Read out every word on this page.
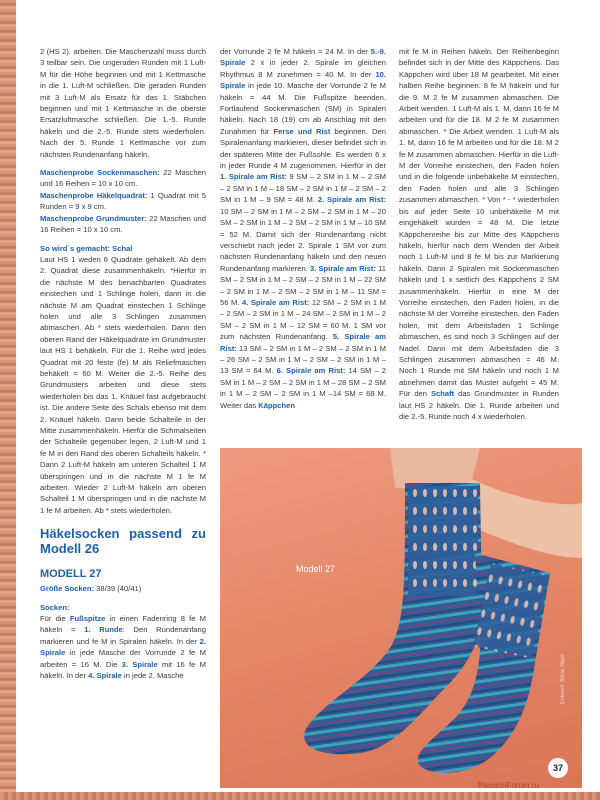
2 (HS 2). arbeiten. Die Maschenzahl muss durch 3 teilbar sein. Die ungeraden Runden mit 1 Luft-M für die Höhe beginnen und mit 1 Kettmasche in die 1. Luft-M schließen. Die geraden Runden mit 3 Luft-M als Ersatz für das 1. Stäbchen beginnen und mit 1 Kettmasche in die oberste Ersatzluftmasche schließen. Die 1.-5. Runde häkeln und die 2.-5. Runde stets wiederholen. Nach der 5. Runde 1 Kettmasche vor zum nächsten Rundenanfang häkeln.

Maschenprobe Sockenmaschen: 22 Maschen und 16 Reihen = 10 x 10 cm.

Maschenprobe Häkelquadrat: 1 Quadrat mit 5 Runden = 9 x 9 cm.

Maschenprobe Grundmuster: 22 Maschen und 16 Reihen = 10 x 10 cm.

So wird`s gemacht: Schal
Laut HS 1 weden 6 Quadrate gehäkelt. Ab dem 2. Quadrat diese zusammenhäkeln. *Hierfür in die nächste M des benachbarten Quadrates einstechen und 1 Schlinge holen, dann in die nächste M am Quadrat einstechen 1 Schlinge holen und alle 3 Schlingen zusammen abmaschen. Ab * stets wiederholen. Dann den oberen Rand der Häkelquadrate im Grundmuster laut HS 1 behäkeln. Für die 1. Reihe wird jedes Quadrat mit 20 feste (fe) M als Reliefmaschen behäkelt = 60 M. Weiter die 2.-5. Reihe des Grundmusters arbeiten und diese stets wiederholen bis das 1. Knäuel fast aufgebraucht ist. Die andere Seite des Schals ebenso mit dem 2. Knäuel häkeln. Dann beide Schalteile in der Mitte zusammenhäkeln. Hierfür die Schmalseiten der Schalteile gegenüber legen, 2 Luft-M und 1 fe M in den Rand des oberen Schalteils häkeln. * Dann 2 Luft-M häkeln am unteren Schalteil 1 M überspringen und in die nächste M 1 fe M arbeiten. Wieder 2 Luft-M häkeln am oberen Schalteil 1 M überspringen und in die nächste M 1 fe M arbeiten. Ab * stets wiederholen.

Häkelsocken passend zu Modell 26
MODELL 27

Größe Socken: 38/39 (40/41)

Socken:
Für die Fußspitze in einen Fadenring 8 fe M häkeln = 1. Runde: Den Rundenanfang markieren und fe M in Spiralen häkeln. In der 2. Spirale in jede Masche der Vorrunde 2 fe M arbeiten = 16 M. Die 3. Spirale mit 16 fe M häkeln. In der 4. Spirale in jede 2. Masche

der Vorrunde 2 fe M häkeln = 24 M. In der 5.-9. Spirale 2 x in jeder 2. Spirale im gleichen Rhythmus 8 M zunehmen = 40 M. In der 10. Spirale in jede 10. Masche der Vorrunde 2 fe M häkeln = 44 M. Die Fußspitze beenden. Fortlaufend Sockenmaschen (SM) in Spiralen häkeln. Nach 18 (19) cm ab Anschlag mit den Zunahmen für Ferse und Rist beginnen. Den Spiralenanfang markieren, dieser befindet sich in der späteren Mitte der Fußsohle. Es werden 6 x in jeder Runde 4 M zugenommen. Hierfür in der 1. Spirale am Rist: 9 SM – 2 SM in 1 M – 2 SM – 2 SM in 1 M – 18 SM – 2 SM in 1 M – 2 SM – 2 SM in 1 M – 9 SM = 48 M. 2. Spirale am Rist: 10 SM – 2 SM in 1 M – 2 SM – 2 SM in 1 M – 20 SM – 2 SM in 1 M – 2 SM – 2 SM in 1 M – 10 SM = 52 M. Damit sich der Rundenanfang nicht verschiebt nach jeder 2. Spirale 1 SM vor zum nächsten Rundenanfang häkeln und den neuen Rundenanfang markieren. 3. Spirale am Rist: 11 SM – 2 SM in 1 M – 2 SM – 2 SM in 1 M – 22 SM – 2 SM in 1 M – 2 SM – 2 SM in 1 M – 11 SM = 56 M. 4. Spirale am Rist: 12 SM – 2 SM in 1 M – 2 SM – 2 SM in 1 M – 24 SM – 2 SM in 1 M – 2 SM – 2 SM in 1 M – 12 SM = 60 M. 1 SM vor zum nächsten Rundenanfang. 5. Spirale am Rist: 13 SM – 2 SM in 1 M – 2 SM – 2 SM in 1 M – 26 SM – 2 SM in 1 M – 2 SM – 2 SM in 1 M – 13 SM = 64 M. 6. Spirale am Rist: 14 SM – 2 SM in 1 M – 2 SM – 2 SM in 1 M – 28 SM – 2 SM in 1 M – 2 SM – 2 SM in 1 M –14 SM = 68 M. Weiter das Käppchen

mit fe M in Reihen häkeln. Der Reihenbeginn befindet sich in der Mitte des Käppchens. Das Käppchen wird über 18 M gearbeitet. Mit einer halben Reihe beginnen: 8 fe M häkeln und für die 9. M 2 fe M zusammen abmaschen. Die Arbeit wenden. 1 Luft-M als 1. M, dann 16 fe M arbeiten und für die 18. M 2 fe M zusammen abmaschen. * Die Arbeit wenden. 1 Luft-M als 1. M, dann 16 fe M arbeiten und für die 18. M 2 fe M zusammen abmaschen. Hierfür in die Luft-M der Vorreihe einstechen, den Faden holen und in die folgende unbehäkelte M einstechen, den Faden holen und alle 3 Schlingen zusammen abmaschen. * Von * - * wiederholen bis auf jeder Seite 10 unbehäkelte M mit eingehäkelt wurden = 48 M. Die letzte Käppchenreihe bis zur Mitte des Käppchens häkeln, hierfür nach dem Wenden der Arbeit noch 1 Luft-M und 8 fe M bis zur Markierung häkeln. Dann 2 Spiralen mit Sockenmaschen häkeln und 1 x seitlich des Käppchens 2 SM zusammenhäkeln. Hierfür in eine M der Vorreihe einstechen, den Faden holen, in die nächste M der Vorreihe einstechen, den Faden holen, mit dem Arbeitsfaden 1 Schlinge abmaschen, es sind noch 3 Schlingen auf der Nadel. Dann mit dem Arbeitsfaden die 3 Schlingen zusammen abmaschen = 46 M. Noch 1 Runde mit SM häkeln und noch 1 M abnehmen damit das Muster aufgeht = 45 M. Für den Schaft das Grundmuster in Runden laut HS 2 häkeln. Die 1. Runde arbeiten und die 2.-5. Runde noch 4 x wiederholen.

Modell 27
Entwurf: Silvia Jäger
37
PassionForum.ru
